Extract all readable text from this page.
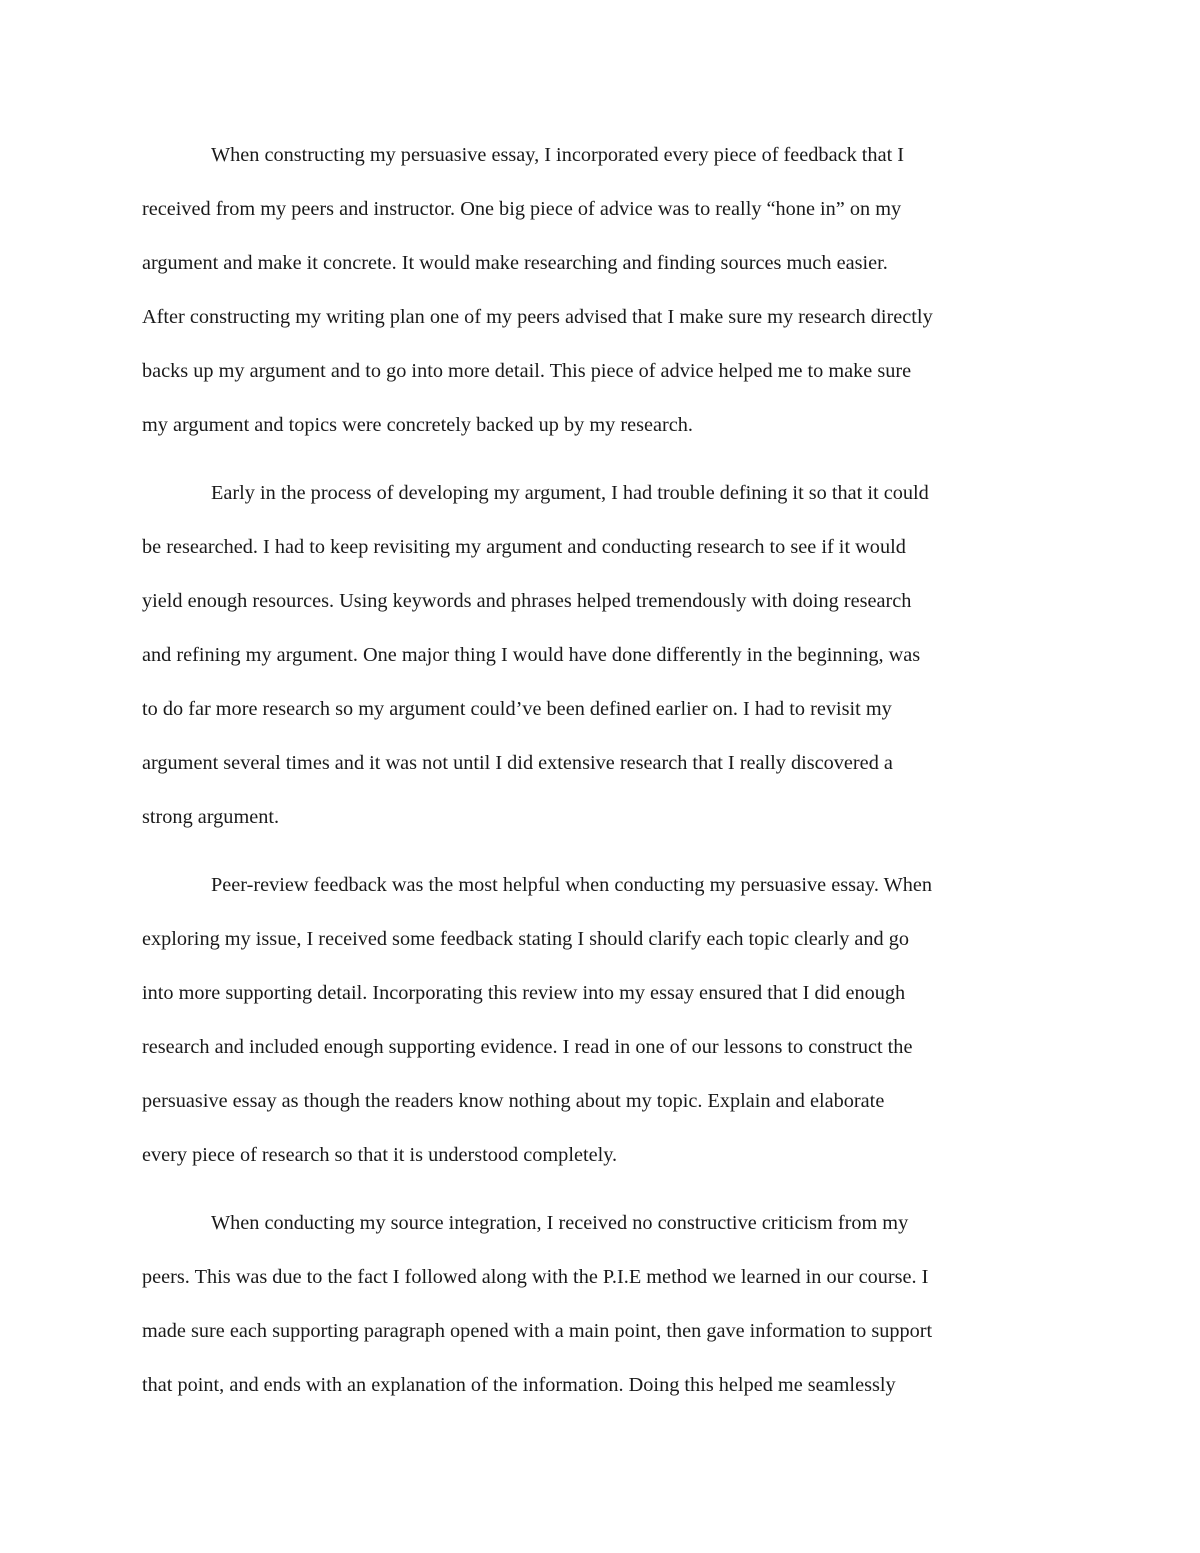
When constructing my persuasive essay, I incorporated every piece of feedback that I
received from my peers and instructor. One big piece of advice was to really “hone in” on my
argument and make it concrete. It would make researching and finding sources much easier.
After constructing my writing plan one of my peers advised that I make sure my research directly
backs up my argument and to go into more detail. This piece of advice helped me to make sure
my argument and topics were concretely backed up by my research.

Early in the process of developing my argument, I had trouble defining it so that it could
be researched. I had to keep revisiting my argument and conducting research to see if it would
yield enough resources. Using keywords and phrases helped tremendously with doing research
and refining my argument. One major thing I would have done differently in the beginning, was
to do far more research so my argument could’ve been defined earlier on. I had to revisit my
argument several times and it was not until I did extensive research that I really discovered a
strong argument.

Peer-review feedback was the most helpful when conducting my persuasive essay. When
exploring my issue, I received some feedback stating I should clarify each topic clearly and go
into more supporting detail. Incorporating this review into my essay ensured that I did enough
research and included enough supporting evidence. I read in one of our lessons to construct the
persuasive essay as though the readers know nothing about my topic. Explain and elaborate
every piece of research so that it is understood completely.

When conducting my source integration, I received no constructive criticism from my
peers. This was due to the fact I followed along with the P.I.E method we learned in our course. I
made sure each supporting paragraph opened with a main point, then gave information to support
that point, and ends with an explanation of the information. Doing this helped me seamlessly
